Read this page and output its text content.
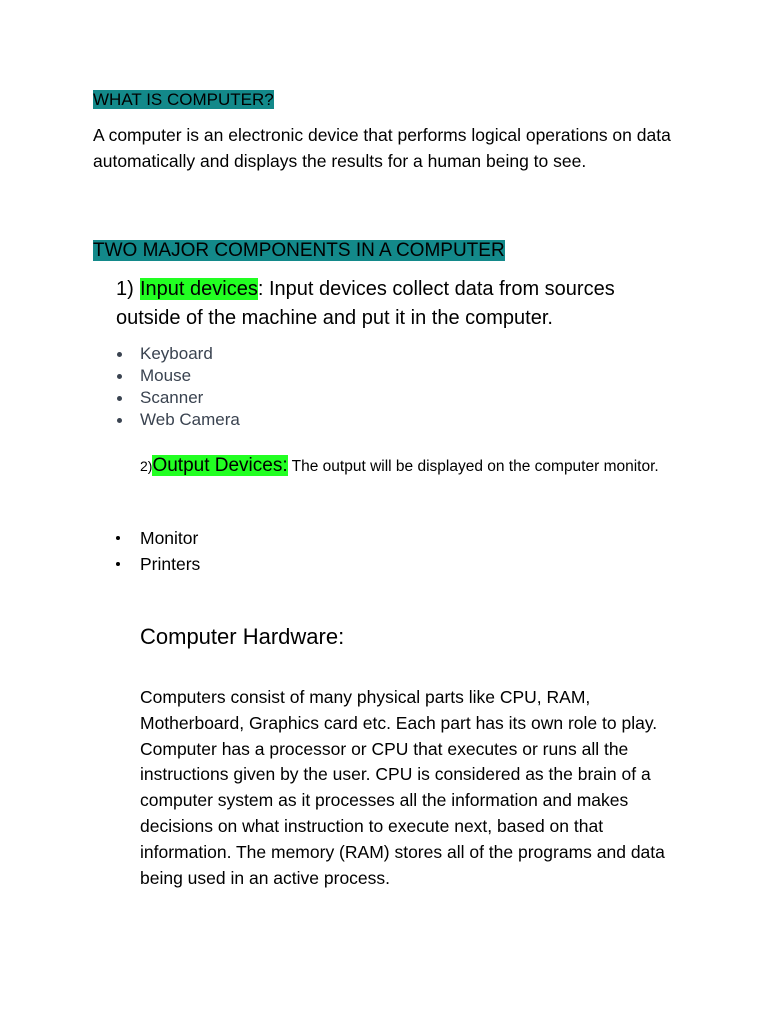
WHAT IS COMPUTER?
A computer is an electronic device that performs logical operations on data automatically and displays the results for a human being to see.
TWO MAJOR COMPONENTS IN A COMPUTER
1) Input devices: Input devices collect data from sources outside of the machine and put it in the computer.
Keyboard
Mouse
Scanner
Web Camera
2)Output Devices: The output will be displayed on the computer monitor.
Monitor
Printers
Computer Hardware:
Computers consist of many physical parts like CPU, RAM, Motherboard, Graphics card etc. Each part has its own role to play. Computer has a processor or CPU that executes or runs all the instructions given by the user. CPU is considered as the brain of a computer system as it processes all the information and makes decisions on what instruction to execute next, based on that information. The memory (RAM) stores all of the programs and data being used in an active process.
